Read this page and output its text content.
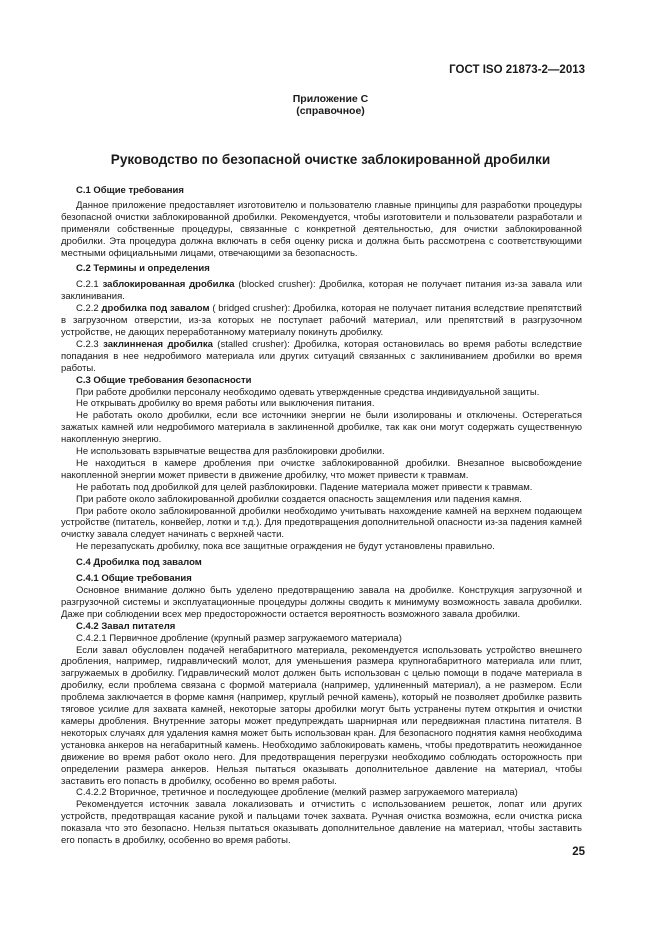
ГОСТ ISO 21873-2—2013
Приложение С
(справочное)
Руководство по безопасной очистке заблокированной дробилки

С.1 Общие требования

Данное приложение предоставляет изготовителю и пользователю главные принципы для разработки процедуры безопасной очистки заблокированной дробилки. Рекомендуется, чтобы изготовители и пользователи разработали и применяли собственные процедуры, связанные с конкретной деятельностью, для очистки заблокированной дробилки. Эта процедура должна включать в себя оценку риска и должна быть рассмотрена с соответствующими местными официальными лицами, отвечающими за безопасность.

С.2 Термины и определения

С.2.1 заблокированная дробилка (blocked crusher): Дробилка, которая не получает питания из-за завала или заклинивания.

С.2.2 дробилка под завалом ( bridged crusher): Дробилка, которая не получает питания вследствие препятствий в загрузочном отверстии, из-за которых не поступает рабочий материал, или препятствий в разгрузочном устройстве, не дающих переработанному материалу покинуть дробилку.

С.2.3 заклинненая дробилка (stalled crusher): Дробилка, которая остановилась во время работы вследствие попадания в нее недробимого материала или других ситуаций связанных с заклиниванием дробилки во время работы.

С.3 Общие требования безопасности

При работе дробилки персоналу необходимо одевать утвержденные средства индивидуальной защиты.

Не открывать дробилку во время работы или выключения питания.

Не работать около дробилки, если все источники энергии не были изолированы и отключены. Остерегаться зажатых камней или недробимого материала в заклиненной дробилке, так как они могут содержать существенную накопленную энергию.

Не использовать взрывчатые вещества для разблокировки дробилки.

Не находиться в камере дробления при очистке заблокированной дробилки. Внезапное высвобождение накопленной энергии может привести в движение дробилку, что может привести к травмам.

Не работать под дробилкой для целей разблокировки. Падение материала может привести к травмам.

При работе около заблокированной дробилки создается опасность защемления или падения камня.

При работе около заблокированной дробилки необходимо учитывать нахождение камней на верхнем подающем устройстве (питатель, конвейер, лотки и т.д.). Для предотвращения дополнительной опасности из-за падения камней очистку завала следует начинать с верхней части.

Не перезапускать дробилку, пока все защитные ограждения не будут установлены правильно.

С.4 Дробилка под завалом

С.4.1 Общие требования

Основное внимание должно быть уделено предотвращению завала на дробилке. Конструкция загрузочной и разгрузочной системы и эксплуатационные процедуры должны сводить к минимуму возможность завала дробилки. Даже при соблюдении всех мер предосторожности остается вероятность возможного завала дробилки.

С.4.2 Завал питателя

С.4.2.1 Первичное дробление (крупный размер загружаемого материала)

Если завал обусловлен подачей негабаритного материала, рекомендуется использовать устройство внешнего дробления, например, гидравлический молот, для уменьшения размера крупногабаритного материала или плит, загружаемых в дробилку. Гидравлический молот должен быть использован с целью помощи в подаче материала в дробилку, если проблема связана с формой материала (например, удлиненный материал), а не размером. Если проблема заключается в форме камня (например, круглый речной камень), который не позволяет дробилке развить тяговое усилие для захвата камней, некоторые заторы дробилки могут быть устранены путем открытия и очистки камеры дробления. Внутренние заторы может предупреждать шарнирная или передвижная пластина питателя. В некоторых случаях для удаления камня может быть использован кран. Для безопасного поднятия камня необходима установка анкеров на негабаритный камень. Необходимо заблокировать камень, чтобы предотвратить неожиданное движение во время работ около него. Для предотвращения перегрузки необходимо соблюдать осторожность при определении размера анкеров. Нельзя пытаться оказывать дополнительное давление на материал, чтобы заставить его попасть в дробилку, особенно во время работы.

С.4.2.2 Вторичное, третичное и последующее дробление (мелкий размер загружаемого материала)

Рекомендуется источник завала локализовать и отчистить с использованием решеток, лопат или других устройств, предотвращая касание рукой и пальцами точек захвата. Ручная очистка возможна, если очистка рискa показала что это безопасно. Нельзя пытаться оказывать дополнительное давление на материал, чтобы заставить его попасть в дробилку, особенно во время работы.

25
